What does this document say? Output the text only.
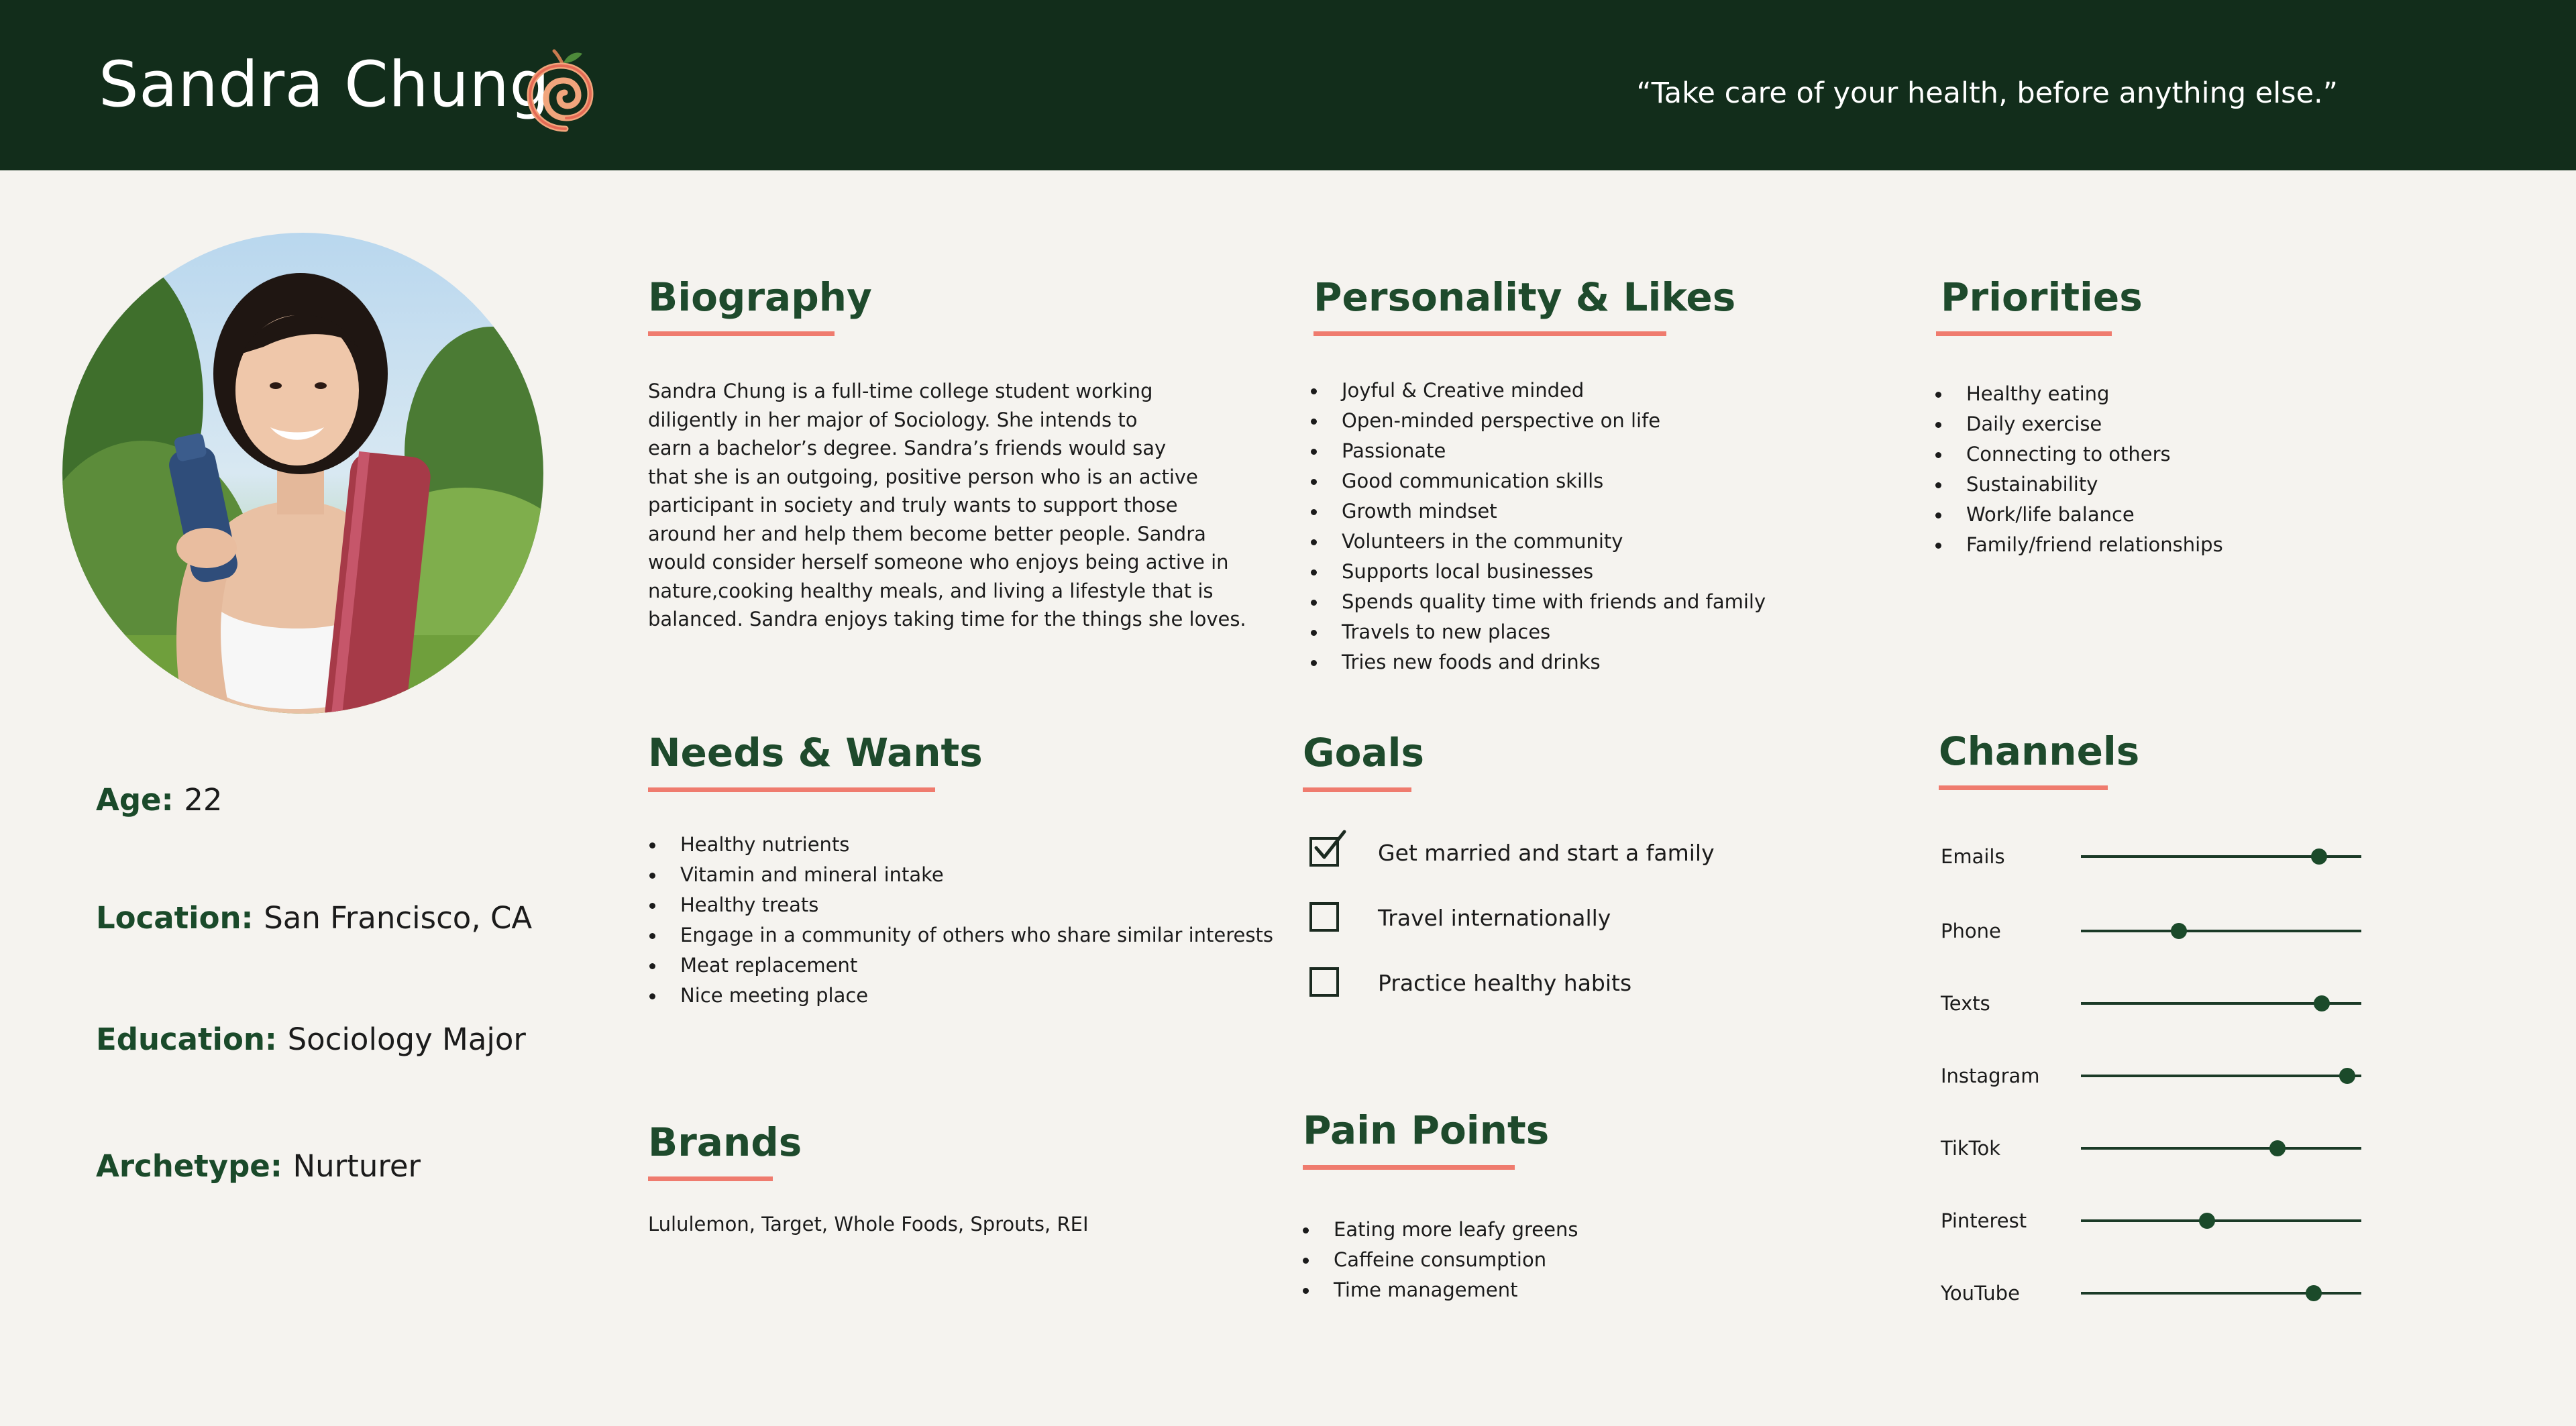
Sandra Chung	“Take care of your health, before anything else.”
Age: 22
Location: San Francisco, CA
Education: Sociology Major
Archetype: Nurturer
Biography
Sandra Chung is a full-time college student working
diligently in her major of Sociology. She intends to
earn a bachelor’s degree. Sandra’s friends would say
that she is an outgoing, positive person who is an active
participant in society and truly wants to support those
around her and help them become better people. Sandra
would consider herself someone who enjoys being active in
nature,cooking healthy meals, and living a lifestyle that is
balanced. Sandra enjoys taking time for the things she loves.
Personality & Likes
Joyful & Creative minded
Open-minded perspective on life
Passionate
Good communication skills
Growth mindset
Volunteers in the community
Supports local businesses
Spends quality time with friends and family
Travels to new places
Tries new foods and drinks
Priorities
Healthy eating
Daily exercise
Connecting to others
Sustainability
Work/life balance
Family/friend relationships
Needs & Wants
Healthy nutrients
Vitamin and mineral intake
Healthy treats
Engage in a community of others who share similar interests
Meat replacement
Nice meeting place
Goals
Get married and start a family
Travel internationally
Practice healthy habits
Channels
Emails
Phone
Texts
Instagram
TikTok
Pinterest
YouTube
Brands
Lululemon, Target, Whole Foods, Sprouts, REI
Pain Points
Eating more leafy greens
Caffeine consumption
Time management
